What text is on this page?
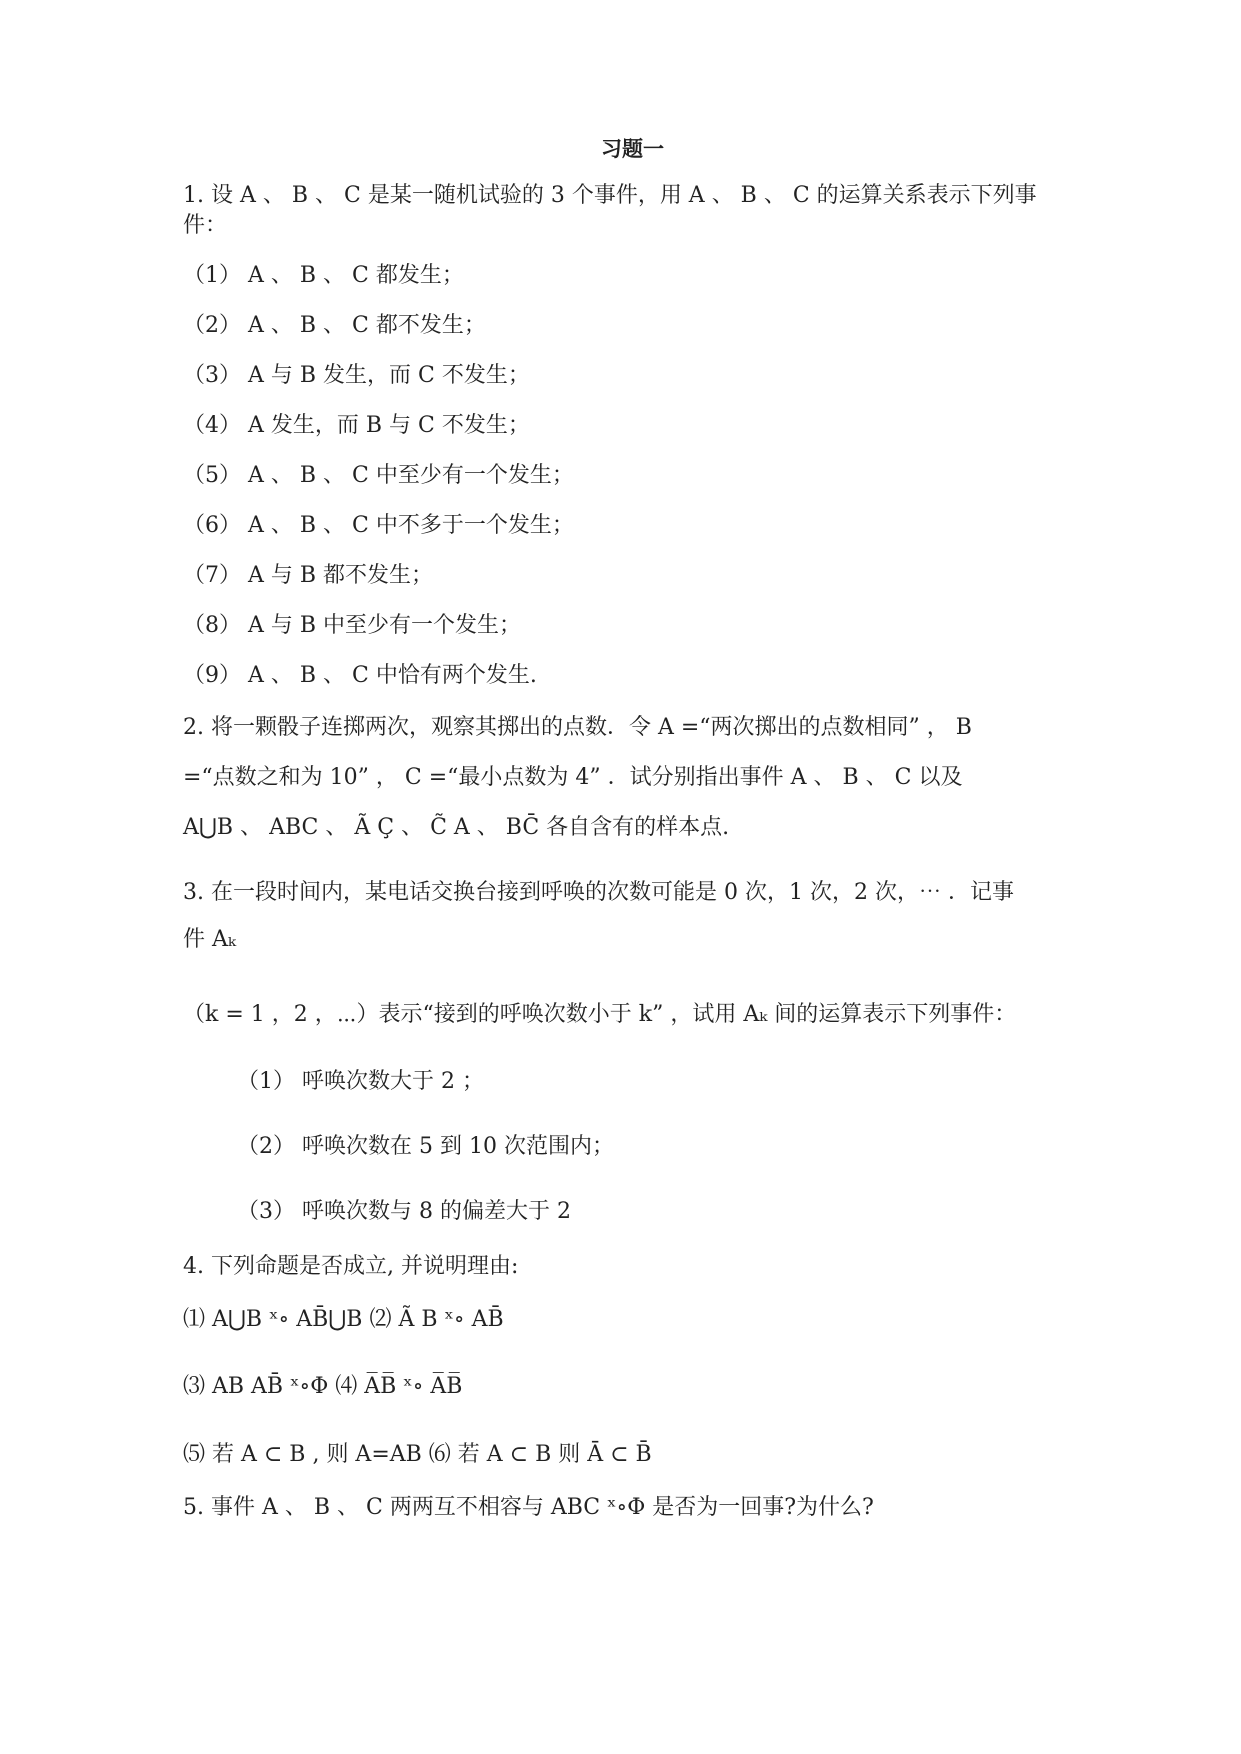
习题一
1. 设 A 、 B 、 C 是某一随机试验的 3 个事件，用 A 、 B 、 C 的运算关系表示下列事
件：
（1） A 、 B 、 C 都发生；
（2） A 、 B 、 C 都不发生；
（3） A 与 B 发生，而 C 不发生；
（4） A 发生，而 B 与 C 不发生；
（5） A 、 B 、 C 中至少有一个发生；
（6） A 、 B 、 C 中不多于一个发生；
（7） A 与 B 都不发生；
（8） A 与 B 中至少有一个发生；
（9） A 、 B 、 C 中恰有两个发生.
2. 将一颗骰子连掷两次，观察其掷出的点数．令 A =“两次掷出的点数相同” ， B
=“点数之和为 10” ， C =“最小点数为 4” ．试分别指出事件 A 、 B 、 C 以及
A⋃B 、 ABC 、 Ã Ç 、 C̃ A 、 BC̄ 各自含有的样本点.
3. 在一段时间内，某电话交换台接到呼唤的次数可能是 0 次，1 次，2 次，⋯ ．记事
件 Aₖ
（k = 1 ，2 ，⋯）表示“接到的呼唤次数小于 k” ，试用 Aₖ 间的运算表示下列事件：
（1） 呼唤次数大于 2 ；
（2） 呼唤次数在 5 到 10 次范围内；
（3） 呼唤次数与 8 的偏差大于 2
4. 下列命题是否成立, 并说明理由:
⑴ A⋃B ˣ∘ AB̄⋃B ⑵ Ã B ˣ∘ AB̄
⑶ AB AB̄ ˣ∘Φ ⑷ A̅B̅ ˣ∘ A̅B̅
⑸ 若 A ⊂ B , 则 A=AB ⑹ 若 A ⊂ B 则 Ā ⊂ B̄
5. 事件 A 、 B 、 C 两两互不相容与 ABC ˣ∘Φ 是否为一回事?为什么?
